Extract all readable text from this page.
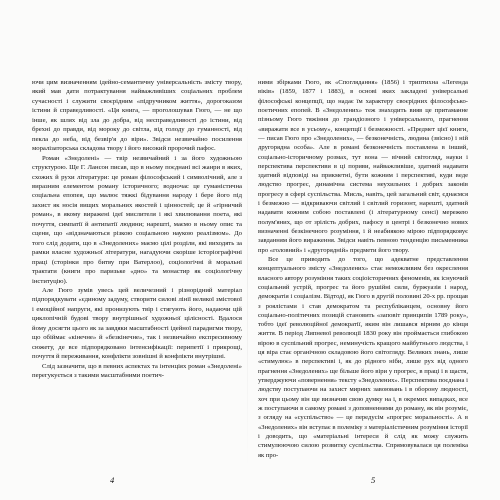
ючи цим визначенням ідейно-семантичну універсальність змісту твору, який мав дати потрактування найважливіших соціальних проблем сучасності і служити своєрідним «підручником життя», дорогоказом істини й справедливості. «Ця книга, — проголошував Гюго, — не що інше, як шлях від зла до добра, від несправедливості до істини, від брехні до правди, від мороку до світла, від голоду до гуманності, від пекла до неба, від безвір'я до віри». Звідси незвичайно посилення моралізаторська складова твору і його високий пророчий пафос.

Роман «Знедолені» — твір незвичайний і за його художньою структурою. Ще Г. Лансон писав, що в ньому поєднані всі жанри в яких, схожих й рухи літератури: це роман філософський і символічний, але з виразним елементом роману історичного; водночас це гуманістична соціальна епопея, що малює тяжкі бідування народу і бере його під захист як носія вищих моральних якостей і цінностей; це й «гірничий роман», в якому виражені ідеї мислителя і які хвилювання поета, які почуття, симпатії й антипатії людини; нарешті, маємо в ньому опис та сцени, що «відзначаються різкою соціальною наукою реалізмом». До того слід додати, що в «Знедолених» маємо цілі розділи, які виходять за рамки власне художньої літератури, нагадуючи скоріше історіографічні праці (сторінки про битву при Ватерлоо), соціологічні й моральні трактати (книги про паризьке «дно» та монастир як соціологічну інституцію).

Але Гюго зумів увесь цей величезний і різнорідний матеріал підпорядкувати «єдиному задуму, створити силові лінії великої змістової і емоційної напруги, які пронизують твір і стягують його, надаючи цій циклопічній будові твору внутрішньої художньої цілісності. Вдалося йому досягти цього як за завдяки масштабності ідейної парадигми твору, що обіймає «кінечне» й «безкінечне», так і незвичайно експресивному сюжету, де все підпорядковано інтенсифікації: перипетії і прикрощі, почуття й переживання, конфлікти зовнішні й конфлікти внутрішні.

Слід зазначити, що в певних аспектах та інтенціях роман «Знедолені» перегукується з такими масштабними поетич-

4

ними збірками Гюго, як «Споглядання» (1856) і триптихна «Легенда віків» (1859, 1877 і 1883), в основі яких закладені універсальні філософські концепції, що надає їм характеру своєрідних філософсько-поетичних епопей. В «Знедолених» теж знаходить вияв це притаманне пізньому Гюго тяжіння до грандіозного і універсального, прагнення «виражати все в усьому», концепції і безмежності. «Предмет цієї книги, — писав Гюго про «Знедолених», — безконечність, людина (звісно) і ній другорядна особа». Але в романі безконечність поставлена в інший, соціально-історичному розмах, тут вона — вічний світогляд, науки і перспектива перспективи в ці пориви, найважливіше, здатний надавати здатний відповіді на прикметні, бути кожним і перспективі, куди веде людство прогрес, динамічна система неухильних і добрих законів прогресу в сфері суспільства. Мисль, навіть, цей загальний світ, єднаємся і безмежно — відкриваючи світлий і світлий горизонт, нарешті, здатний надавати кожним собою поставлені (і літературному сенсі) мережею полум'яних, що от зрілість добрих, пафосу в центрі і безконечно нових визначенні безкінечного розуміння, і й неабиякою мірою підпорядковує завданням його вираження. Звідси навіть певною тенденцію письменника про «головний» і «другорядній» предмети його твору.

Все це приводить до того, що адекватне представлення концептуального змісту «Знедолених» стає неможливим без окреслення власного автору розуміння таких соціоісторичних феноменів, як існуючий соціальний устрій, прогрес та його рушійні сили, буржуазія і народ, демократія і соціалізм. Відтоді, як Гюго в другій половині 20-х рр. прощав з роялістами і став демократом та республіканцем, основну його соціально-політичних позицій становить «заповіт принципів 1789 року», тобто ідеї революційної демократії, яким він лишався вірним до кінця життя. В період Липневої революції 1830 року він проймається глибокою вірою в суспільний прогрес, неминучість кращого майбутнього людства, і ця віра стає органічною складовою його світогляду. Великих знань, лише «стимулює» в перспективі і, як до рідного ніби, лише рух від одного прагнення «Знедолених» ще більше його віри у прогрес, в праці і в щастя, утверджуючи «повернення» тексту «Знедолених». Перспектива поєднана і людству поступаючи на захист мирних завоювань і в оборону людності, хоч при цьому він ще визначив свою думку на і, в окремих випадках, все ж поступаючи в самому романі з доповненнями до роману, як він розуміє, з огляду на «суспільство» — це передусім «прогрес моральності». А в «Знедолених» він вступає в полеміку з матеріалістичним розуміння історії і доводить, що «матеріальні інтереси й слід як можу служить стимулюючою силою розвитку суспільства. Спрямовувалася ця полеміка як про-

5
